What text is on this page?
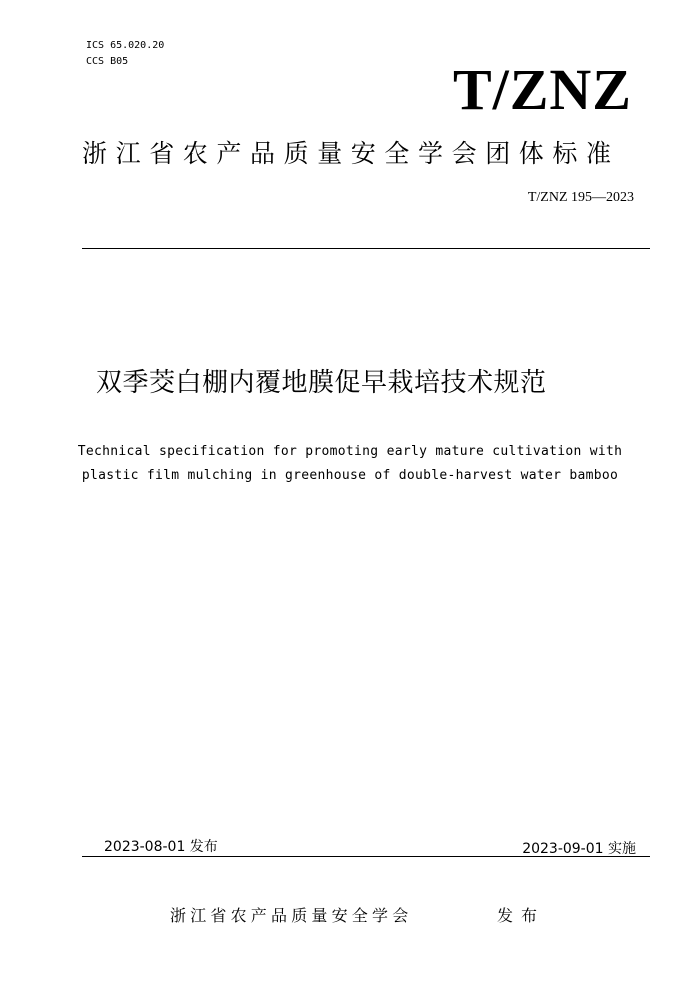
ICS 65.020.20
CCS B05	T/ZNZ
浙江省农产品质量安全学会团体标准
T/ZNZ 195—2023
双季茭白棚内覆地膜促早栽培技术规范
Technical specification for promoting early mature cultivation with
plastic film mulching in greenhouse of double-harvest water bamboo
2023-08-01 发布	2023-09-01 实施
浙江省农产品质量安全学会	发布
